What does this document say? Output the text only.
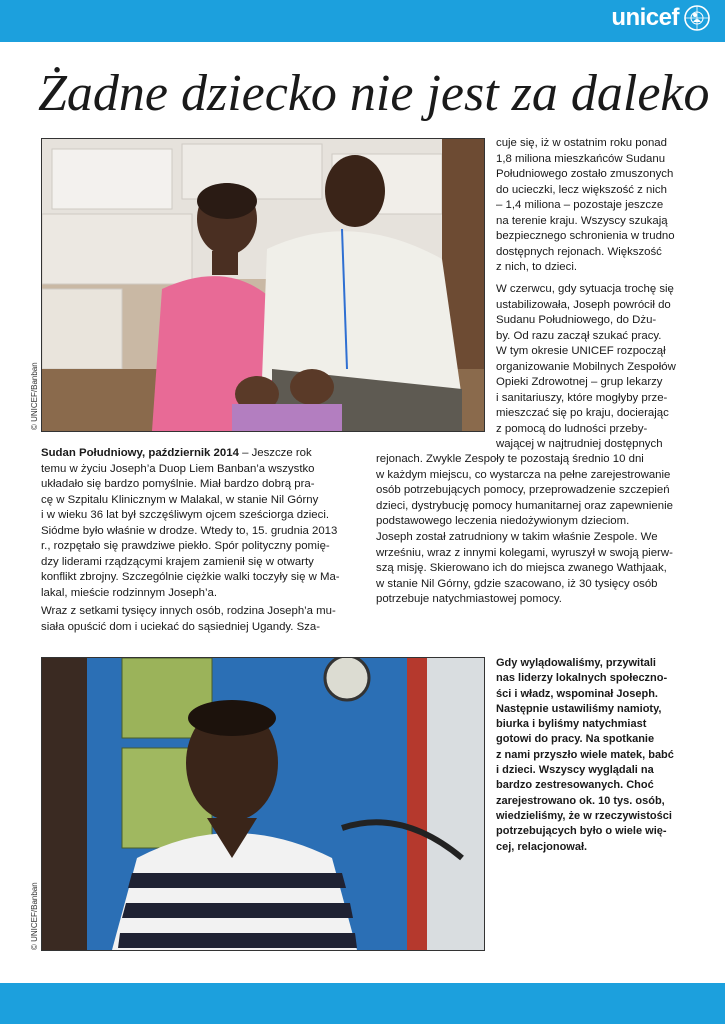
unicef
Żadne dziecko nie jest za daleko
© UNICEF/Banban

cuje się, iż w ostatnim roku ponad

1,8 miliona mieszkańców Sudanu

Południowego zostało zmuszonych

do ucieczki, lecz większość z nich

– 1,4 miliona – pozostaje jeszcze

na terenie kraju. Wszyscy szukają

bezpiecznego schronienia w trudno

dostępnych rejonach. Większość

z nich, to dzieci.

W czerwcu, gdy sytuacja trochę się

ustabilizowała, Joseph powrócił do

Sudanu Południowego, do Dżu-

by. Od razu zaczął szukać pracy.

W tym okresie UNICEF rozpoczął

organizowanie Mobilnych Zespołów

Opieki Zdrowotnej – grup lekarzy

i sanitariuszy, które mogłyby prze-

mieszczać się po kraju, docierając

z pomocą do ludności przeby-

wającej w najtrudniej dostępnych

rejonach. Zwykle Zespoły te pozostają średnio 10 dni

w każdym miejscu, co wystarcza na pełne zarejestrowanie

osób potrzebujących pomocy, przeprowadzenie szczepień

dzieci, dystrybucję pomocy humanitarnej oraz zapewnienie

podstawowego leczenia niedożywionym dzieciom.

Joseph został zatrudniony w takim właśnie Zespole. We

wrześniu, wraz z innymi kolegami, wyruszył w swoją pierw-

szą misję. Skierowano ich do miejsca zwanego Wathjaak,

w stanie Nil Górny, gdzie szacowano, iż 30 tysięcy osób

potrzebuje natychmiastowej pomocy.

Sudan Południowy, październik 2014 – Jeszcze rok

temu w życiu Joseph’a Duop Liem Banban’a wszystko

układało się bardzo pomyślnie. Miał bardzo dobrą pra-

cę w Szpitalu Klinicznym w Malakal, w stanie Nil Górny

i w wieku 36 lat był szczęśliwym ojcem sześciorga dzieci.

Siódme było właśnie w drodze. Wtedy to, 15. grudnia 2013

r., rozpętało się prawdziwe piekło. Spór polityczny pomię-

dzy liderami rządzącymi krajem zamienił się w otwarty

konflikt zbrojny. Szczególnie ciężkie walki toczyły się w Ma-

lakal, mieście rodzinnym Joseph’a.

Wraz z setkami tysięcy innych osób, rodzina Joseph’a mu-

siała opuścić dom i uciekać do sąsiedniej Ugandy. Sza-

© UNICEF/Banban

Gdy wylądowaliśmy, przywitali

nas liderzy lokalnych społeczno-

ści i władz, wspominał Joseph.

Następnie ustawiliśmy namioty,

biurka i byliśmy natychmiast

gotowi do pracy. Na spotkanie

z nami przyszło wiele matek, babć

i dzieci. Wszyscy wyglądali na

bardzo zestresowanych. Choć

zarejestrowano ok. 10 tys. osób,

wiedzieliśmy, że w rzeczywistości

potrzebujących było o wiele wię-

cej, relacjonował.
